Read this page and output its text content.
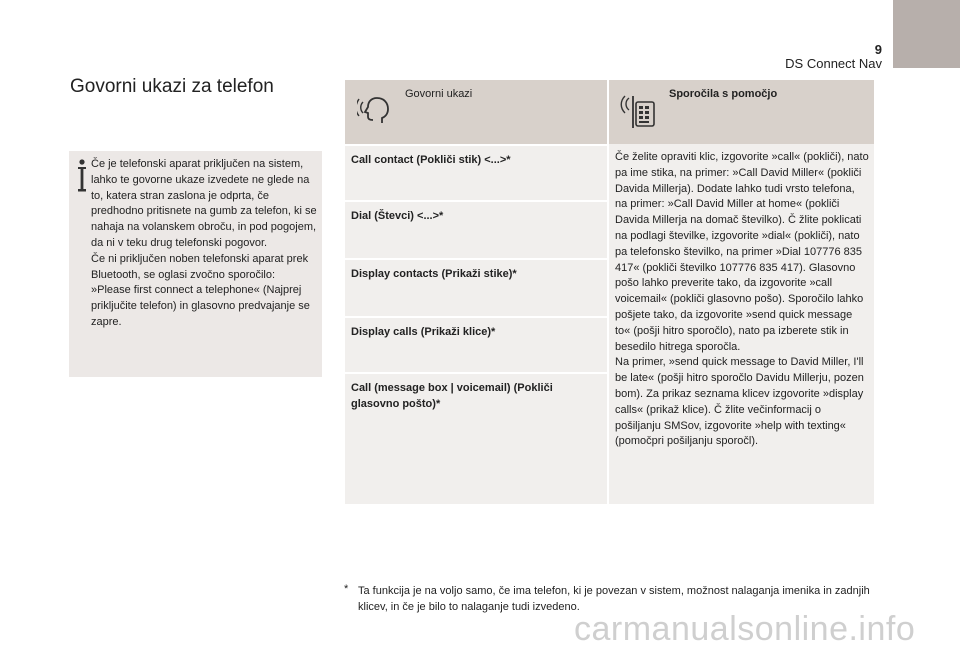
9
DS Connect Nav
Govorni ukazi za telefon

Če je telefonski aparat priključen na sistem, lahko te govorne ukaze izvedete ne glede na to, katera stran zaslona je odprta, če predhodno pritisnete na gumb za telefon, ki se nahaja na volanskem obroču, in pod pogojem, da ni v teku drug telefonski pogovor.

Če ni priključen noben telefonski aparat prek Bluetooth, se oglasi zvočno sporočilo: »Please first connect a telephone« (Najprej priključite telefon) in glasovno predvajanje se zapre.

Govorni ukazi	Sporočila s pomočjo
Call contact (Pokliči stik) <...>*
Dial (Števci) <...>*
Display contacts (Prikaži stike)*
Display calls (Prikaži klice)*
Call (message box | voicemail) (Pokliči glasovno pošto)*

Če želite opraviti klic, izgovorite »call« (pokliči), nato pa ime stika, na primer: »Call David Miller« (pokliči Davida Millerja). Dodate lahko tudi vrsto telefona, na primer: »Call David Miller at home« (pokliči Davida Millerja na domač številko). Č žlite poklicati na podlagi številke, izgovorite »dial« (pokliči), nato pa telefonsko številko, na primer »Dial 107776 835 417« (pokliči številko 107776 835 417). Glasovno pošo lahko preverite tako, da izgovorite »call voicemail« (pokliči glasovno pošo). Sporočilo lahko pošjete tako, da izgovorite »send quick message to« (pošji hitro sporočlo), nato pa izberete stik in besedilo hitrega sporočla.

Na primer, »send quick message to David Miller, I'll be late« (pošji hitro sporočlo Davidu Millerju, pozen bom). Za prikaz seznama klicev izgovorite »display calls« (prikaž klice). Č žlite večinformacij o pošiljanju SMSov, izgovorite »help with texting« (pomočpri pošiljanju sporočl).

* Ta funkcija je na voljo samo, če ima telefon, ki je povezan v sistem, možnost nalaganja imenika in zadnjih klicev, in če je bilo to nalaganje tudi izvedeno.
carmanualsonline.info
